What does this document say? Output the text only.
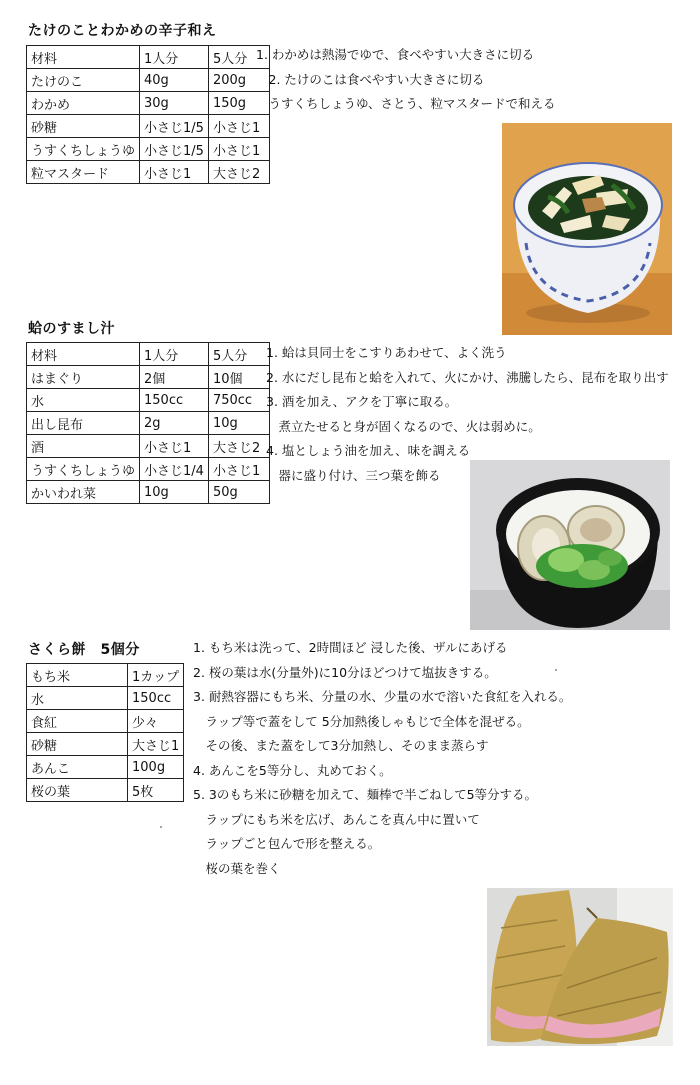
たけのことわかめの辛子和え
材料	1人分	5人分
たけのこ	40g	200g
わかめ	30g	150g
砂糖	小さじ1/5	小さじ1
うすくちしょうゆ	小さじ1/5	小さじ1
粒マスタード	小さじ1	大さじ2
1. わかめは熱湯でゆで、食べやすい大きさに切る
　2. たけのこは食べやすい大きさに切る
　うすくちしょうゆ、さとう、粒マスタードで和える
蛤のすまし汁
材料	1人分	5人分
はまぐり	2個	10個
水	150cc	750cc
出し昆布	2g	10g
酒	小さじ1	大さじ2
うすくちしょうゆ	小さじ1/4	小さじ1
かいわれ菜	10g	50g
1. 蛤は貝同士をこすりあわせて、よく洗う
2. 水にだし昆布と蛤を入れて、火にかけ、沸騰したら、昆布を取り出す
3. 酒を加え、アクを丁寧に取る。
　煮立たせると身が固くなるので、火は弱めに。
4. 塩としょう油を加え、味を調える
　器に盛り付け、三つ葉を飾る
さくら餅　5個分
もち米	1カップ
水	150cc
食紅	少々
砂糖	大さじ1
あんこ	100g
桜の葉	5枚
1. もち米は洗って、2時間ほど 浸した後、ザルにあげる
2. 桜の葉は水(分量外)に10分ほどつけて塩抜きする。
3. 耐熱容器にもち米、分量の水、少量の水で溶いた食紅を入れる。
　ラップ等で蓋をして 5分加熱後しゃもじで全体を混ぜる。
　その後、また蓋をして3分加熱し、そのまま蒸らす
4. あんこを5等分し、丸めておく。
5. 3のもち米に砂糖を加えて、麺棒で半ごねして5等分する。
　ラップにもち米を広げ、あんこを真ん中に置いて
　ラップごと包んで形を整える。
　桜の葉を巻く
